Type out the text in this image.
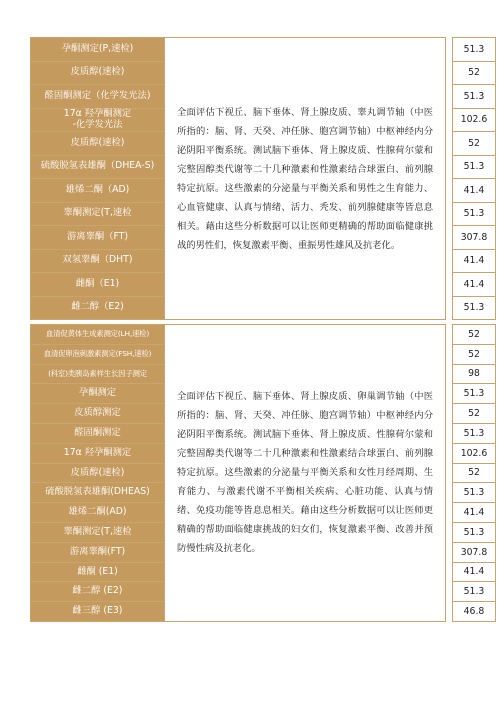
孕酮测定(P,速检)	全面评估下视丘、脑下垂体、肾上腺皮质、睾丸调节轴（中医所指的：脑、肾、天癸、冲任脉、胞宫调节轴）中枢神经内分泌阴阳平衡系统。测试脑下垂体、肾上腺皮质、性腺荷尔蒙和完整固醇类代谢等二十几种激素和性激素结合球蛋白、前列腺特定抗原。这些激素的分泌量与平衡关系和男性之生育能力、心血管健康、认真与情绪、活力、秃发、前列腺健康等皆息息相关。藉由这些分析数据可以让医师更精确的帮助面临健康挑战的男性们，恢复激素平衡、重振男性雄风及抗老化。		51.3
皮质醇(速检)			52
醛固酮测定（化学发光法)			51.3
17α 羟孕酮测定
-化学发光法			102.6
皮质醇(速检)			52
硫酸脱氢表雄酮（DHEA-S)			51.3
雄烯二酮（AD)			41.4
睾酮测定(T,速检			51.3
游离睾酮（FT)			307.8
双氢睾酮（DHT)			41.4
雌酮（E1)			41.4
雌二醇（E2)			51.3

血清促黄体生成素测定(LH,速检)	全面评估下视丘、脑下垂体、肾上腺皮质、卵巢调节轴（中医所指的：脑、肾、天癸、冲任脉、胞宫调节轴）中枢神经内分泌阴阳平衡系统。测试脑下垂体、肾上腺皮质、性腺荷尔蒙和完整固醇类代谢等二十几种激素和性激素结合球蛋白、前列腺特定抗原。这些激素的分泌量与平衡关系和女性月经周期、生育能力、与激素代谢不平衡相关疾病、心脏功能、认真与情绪、免疫功能等皆息息相关。藉由这些分析数据可以让医师更精确的帮助面临健康挑战的妇女们，恢复激素平衡、改善并预防慢性病及抗老化。		52
血清促卵泡刺激素测定(FSH,速检)			52
(科室)类胰岛素样生长因子测定			98
孕酮测定			51.3
皮质醇测定			52
醛固酮测定			51.3
17α 羟孕酮测定			102.6
皮质醇(速检)			52
硫酸脱氢表雄酮(DHEAS)			51.3
雄烯二酮(AD)			41.4
睾酮测定(T,速检			51.3
游离睾酮(FT)			307.8
雌酮 (E1)			41.4
雌二醇 (E2)			51.3
雌三醇 (E3)			46.8
